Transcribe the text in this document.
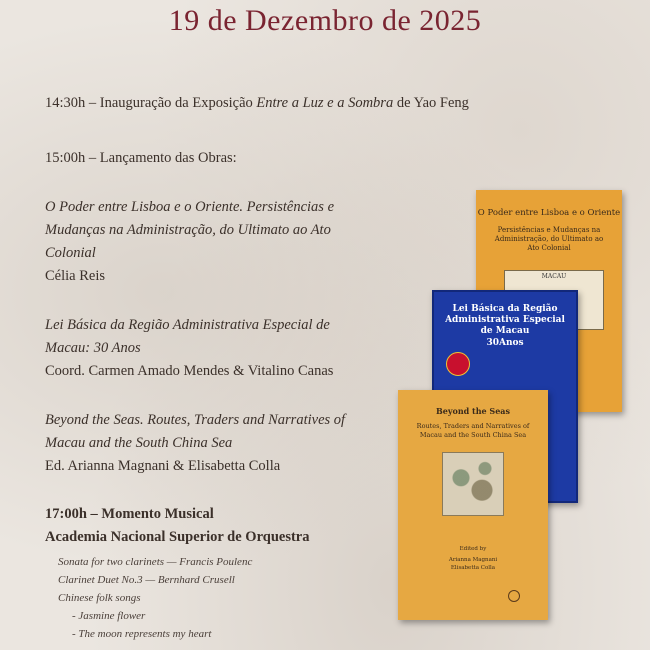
19 de Dezembro de 2025
14:30h – Inauguração da Exposição Entre a Luz e a Sombra de Yao Feng
15:00h – Lançamento das Obras:
O Poder entre Lisboa e o Oriente. Persistências e
Mudanças na Administração, do Ultimato ao Ato
Colonial
Célia Reis
Lei Básica da Região Administrativa Especial de
Macau: 30 Anos
Coord. Carmen Amado Mendes & Vitalino Canas
Beyond the Seas. Routes, Traders and Narratives of
Macau and the South China Sea
Ed. Arianna Magnani & Elisabetta Colla
17:00h – Momento Musical
Academia Nacional Superior de Orquestra
Sonata for two clarinets — Francis Poulenc
Clarinet Duet No.3 — Bernhard Crusell
Chinese folk songs
- Jasmine flower
- The moon represents my heart
O Poder entre Lisboa e o Oriente
Persistências e Mudanças na Administração, do Ultimato ao Ato Colonial
MACAU
Lei Básica da Região Administrativa Especial de Macau
30Anos
Beyond the Seas
Routes, Traders and Narratives of Macau and the South China Sea
Edited by
Arianna Magnani
Elisabetta Colla
